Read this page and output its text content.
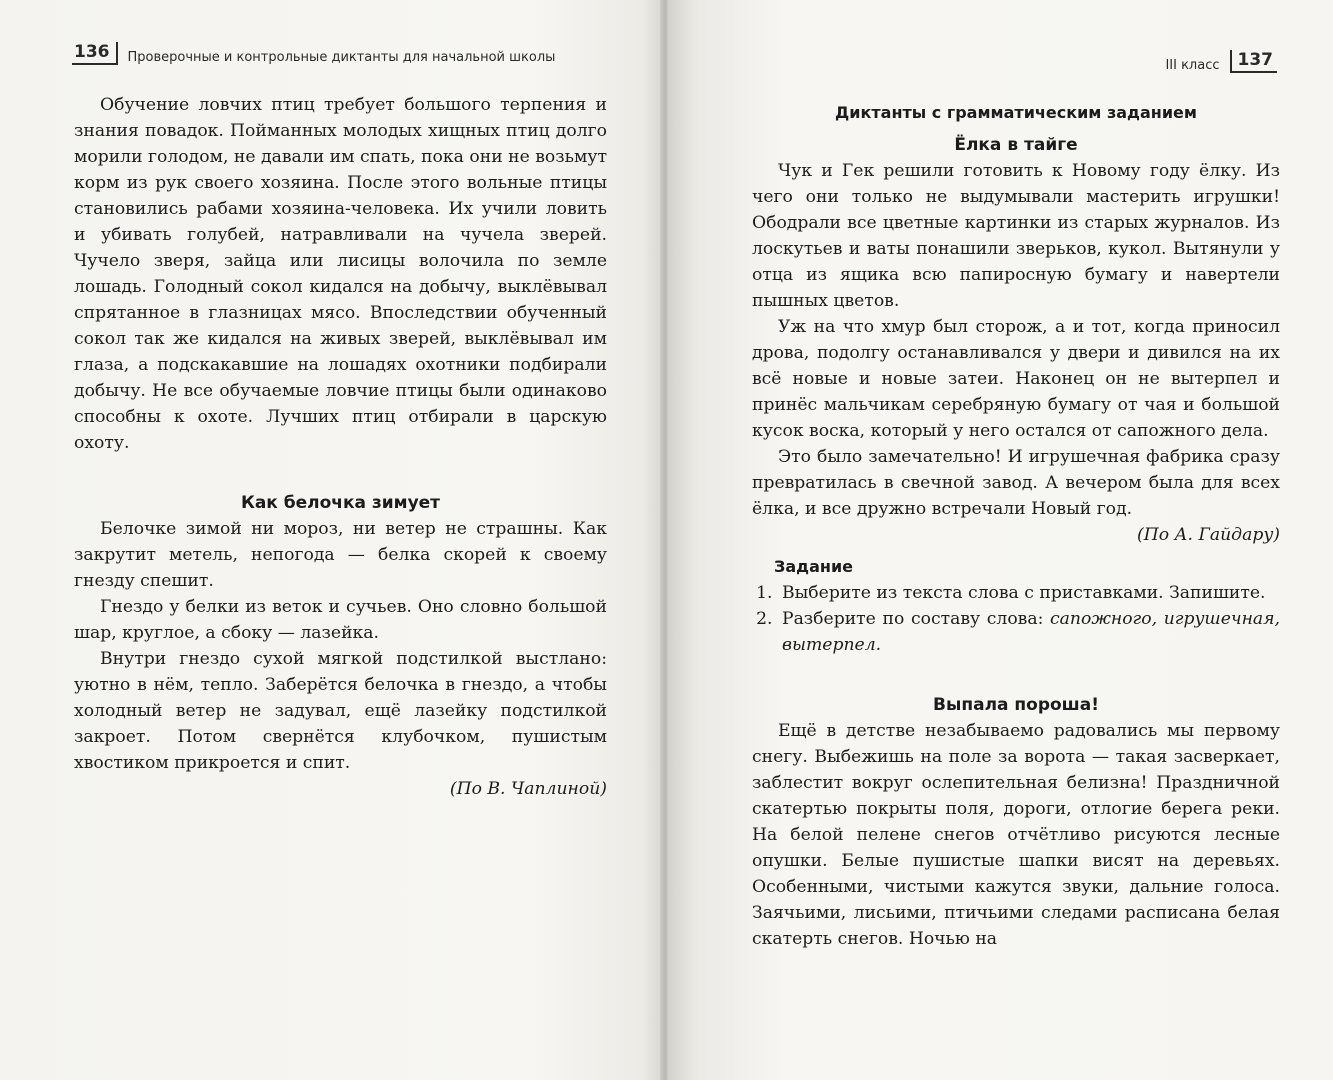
136	Проверочные и контрольные диктанты для начальной школы

Обучение ловчих птиц требует большого терпения и знания повадок. Пойманных молодых хищных птиц долго морили голодом, не давали им спать, пока они не возьмут корм из рук своего хозяина. После этого вольные птицы становились рабами хозяина-человека. Их учили ловить и убивать голубей, натравливали на чучела зверей. Чучело зверя, зайца или лисицы волочила по земле лошадь. Голодный сокол кидался на добычу, выклёвывал спрятанное в глазницах мясо. Впоследствии обученный сокол так же кидался на живых зверей, выклёвывал им глаза, а подскакавшие на лошадях охотники подбирали добычу. Не все обучаемые ловчие птицы были одинаково способны к охоте. Лучших птиц отбирали в царскую охоту.

Как белочка зимует

Белочке зимой ни мороз, ни ветер не страшны. Как закрутит метель, непогода — белка скорей к своему гнезду спешит.

Гнездо у белки из веток и сучьев. Оно словно большой шар, круглое, а сбоку — лазейка.

Внутри гнездо сухой мягкой подстилкой выстлано: уютно в нём, тепло. Заберётся белочка в гнездо, а чтобы холодный ветер не задувал, ещё лазейку подстилкой закроет. Потом свернётся клубочком, пушистым хвостиком прикроется и спит.

(По В. Чаплиной)

III класс	137
Диктанты с грамматическим заданием
Ёлка в тайге

Чук и Гек решили готовить к Новому году ёлку. Из чего они только не выдумывали мастерить игрушки! Ободрали все цветные картинки из старых журналов. Из лоскутьев и ваты понашили зверьков, кукол. Вытянули у отца из ящика всю папиросную бумагу и навертели пышных цветов.

Уж на что хмур был сторож, а и тот, когда приносил дрова, подолгу останавливался у двери и дивился на их всё новые и новые затеи. Наконец он не вытерпел и принёс мальчикам серебряную бумагу от чая и большой кусок воска, который у него остался от сапожного дела.

Это было замечательно! И игрушечная фабрика сразу превратилась в свечной завод. А вечером была для всех ёлка, и все дружно встречали Новый год.

(По А. Гайдару)

Задание
1. Выберите из текста слова с приставками. Запишите.
2. Разберите по составу слова: сапожного, игрушечная, вытерпел.
Выпала пороша!

Ещё в детстве незабываемо радовались мы первому снегу. Выбежишь на поле за ворота — такая засверкает, заблестит вокруг ослепительная белизна! Праздничной скатертью покрыты поля, дороги, отлогие берега реки. На белой пелене снегов отчётливо рисуются лесные опушки. Белые пушистые шапки висят на деревьях. Особенными, чистыми кажутся звуки, дальние голоса. Заячьими, лисьими, птичьими следами расписана белая скатерть снегов. Ночью на
